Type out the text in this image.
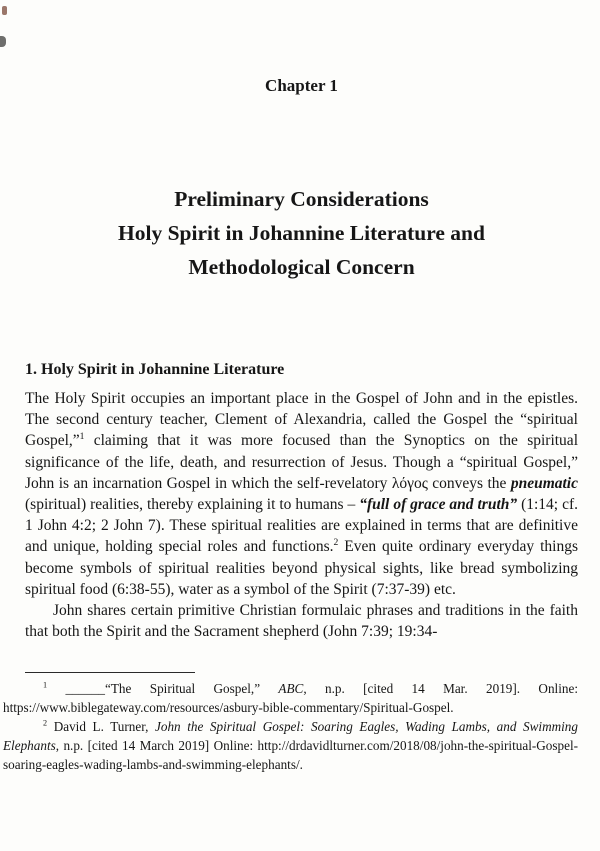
Chapter 1
Preliminary Considerations
Holy Spirit in Johannine Literature and
Methodological Concern
1. Holy Spirit in Johannine Literature

The Holy Spirit occupies an important place in the Gospel of John and in the epistles. The second century teacher, Clement of Alexandria, called the Gospel the “spiritual Gospel,”$^1$ claiming that it was more focused than the Synoptics on the spiritual significance of the life, death, and resurrection of Jesus. Though a “spiritual Gospel,” John is an incarnation Gospel in which the self-revelatory λόγος conveys the pneumatic (spiritual) realities, thereby explaining it to humans – “full of grace and truth” (1:14; cf. 1 John 4:2; 2 John 7). These spiritual realities are explained in terms that are definitive and unique, holding special roles and functions.$^2$ Even quite ordinary everyday things become symbols of spiritual realities beyond physical sights, like bread symbolizing spiritual food (6:38-55), water as a symbol of the Spirit (7:37-39) etc.

John shares certain primitive Christian formulaic phrases and traditions in the faith that both the Spirit and the Sacrament shepherd (John 7:39; 19:34-

$^1$ ______“The Spiritual Gospel,” ABC, n.p. [cited 14 Mar. 2019]. Online: https://www.biblegateway.com/resources/asbury-bible-commentary/Spiritual-Gospel.

$^2$ David L. Turner, John the Spiritual Gospel: Soaring Eagles, Wading Lambs, and Swimming Elephants, n.p. [cited 14 March 2019] Online: http://drdavidlturner.com/2018/08/john-the-spiritual-Gospel-soaring-eagles-wading-lambs-and-swimming-elephants/.
